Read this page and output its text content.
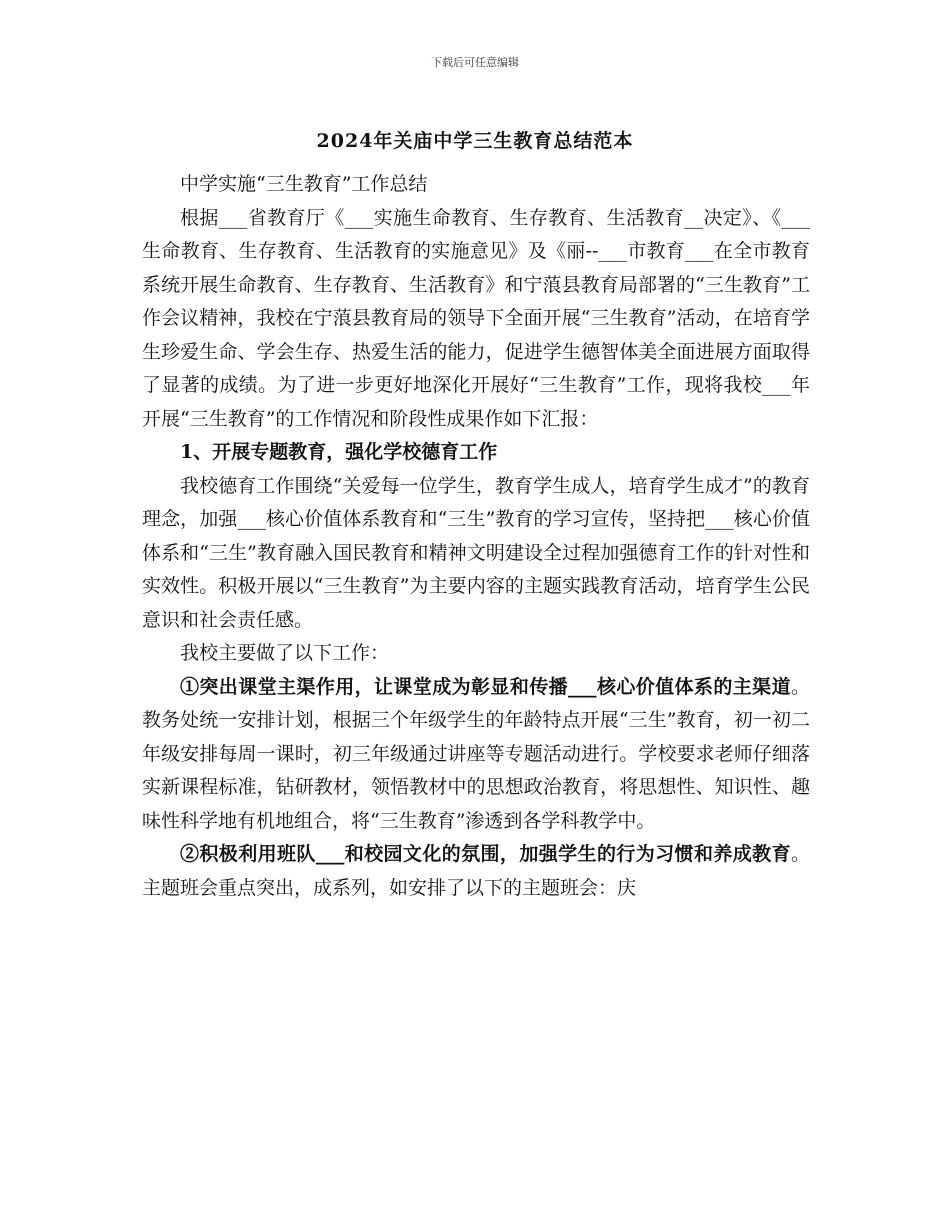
下载后可任意编辑
2024年关庙中学三生教育总结范本

中学实施“三生教育”工作总结

根据___省教育厅《___实施生命教育、生存教育、生活教育__决定》、《___生命教育、生存教育、生活教育的实施意见》及《丽--___市教育___在全市教育系统开展生命教育、生存教育、生活教育》和宁蒗县教育局部署的“三生教育”工作会议精神，我校在宁蒗县教育局的领导下全面开展“三生教育”活动，在培育学生珍爱生命、学会生存、热爱生活的能力，促进学生德智体美全面进展方面取得了显著的成绩。为了进一步更好地深化开展好“三生教育”工作，现将我校___年开展“三生教育”的工作情况和阶段性成果作如下汇报：

1、开展专题教育，强化学校德育工作

我校德育工作围绕“关爱每一位学生，教育学生成人，培育学生成才”的教育理念，加强___核心价值体系教育和“三生”教育的学习宣传，坚持把___核心价值体系和“三生”教育融入国民教育和精神文明建设全过程加强德育工作的针对性和实效性。积极开展以“三生教育”为主要内容的主题实践教育活动，培育学生公民意识和社会责任感。

我校主要做了以下工作：

①突出课堂主渠作用，让课堂成为彰显和传播___核心价值体系的主渠道。教务处统一安排计划，根据三个年级学生的年龄特点开展“三生”教育，初一初二年级安排每周一课时，初三年级通过讲座等专题活动进行。学校要求老师仔细落实新课程标准，钻研教材，领悟教材中的思想政治教育，将思想性、知识性、趣味性科学地有机地组合，将“三生教育”渗透到各学科教学中。

②积极利用班队___和校园文化的氛围，加强学生的行为习惯和养成教育。主题班会重点突出，成系列，如安排了以下的主题班会：庆
